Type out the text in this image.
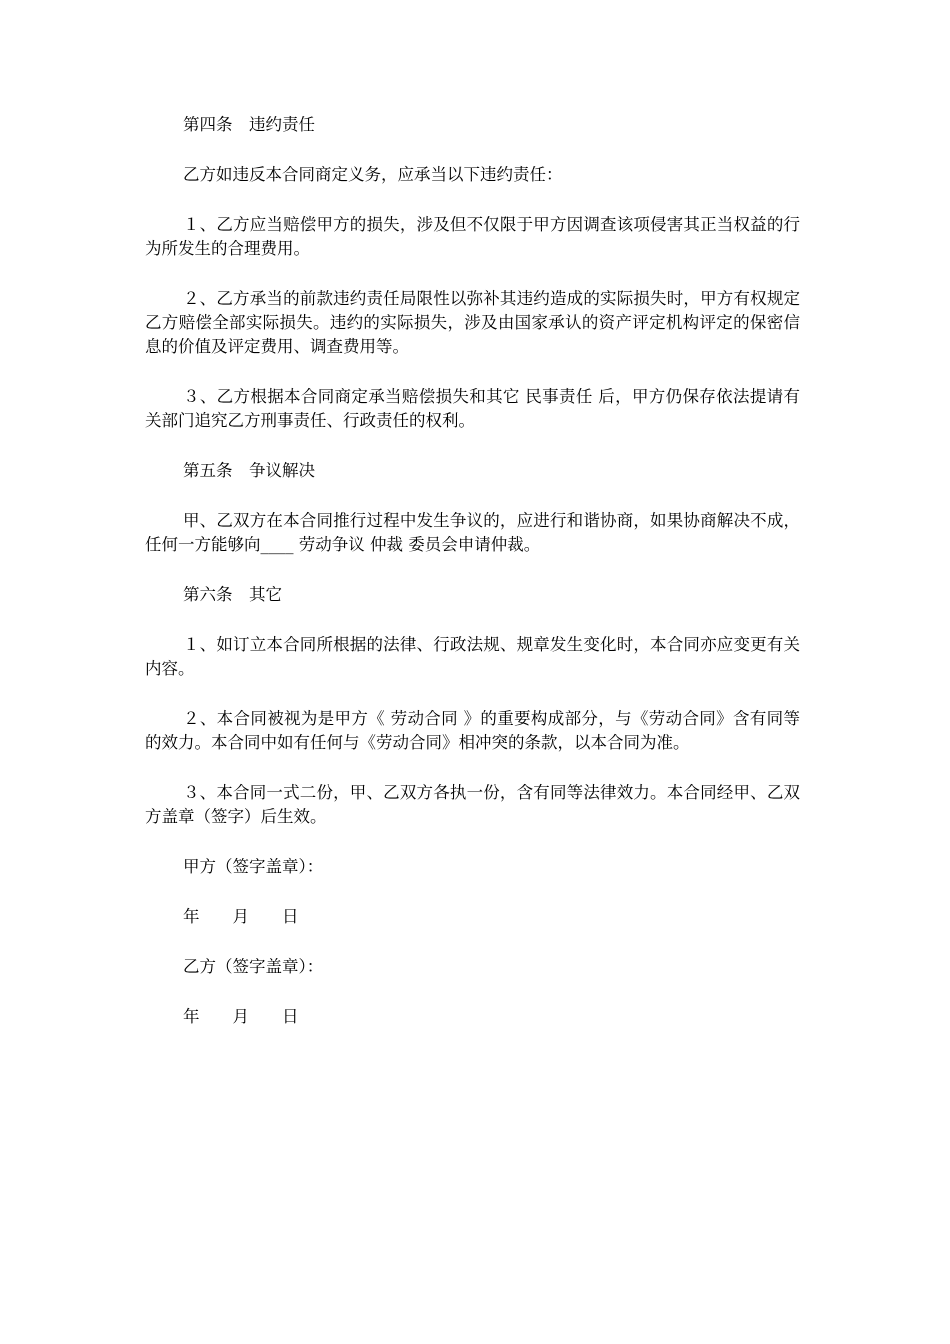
第四条　违约责任

乙方如违反本合同商定义务，应承当以下违约责任：

１、乙方应当赔偿甲方的损失，涉及但不仅限于甲方因调查该项侵害其正当权益的行为所发生的合理费用。

２、乙方承当的前款违约责任局限性以弥补其违约造成的实际损失时，甲方有权规定乙方赔偿全部实际损失。违约的实际损失，涉及由国家承认的资产评定机构评定的保密信息的价值及评定费用、调查费用等。

３、乙方根据本合同商定承当赔偿损失和其它 民事责任 后，甲方仍保存依法提请有关部门追究乙方刑事责任、行政责任的权利。

第五条　争议解决

甲、乙双方在本合同推行过程中发生争议的，应进行和谐协商，如果协商解决不成，任何一方能够向____ 劳动争议 仲裁 委员会申请仲裁。

第六条　其它

１、如订立本合同所根据的法律、行政法规、规章发生变化时，本合同亦应变更有关内容。

２、本合同被视为是甲方《 劳动合同 》的重要构成部分，与《劳动合同》含有同等的效力。本合同中如有任何与《劳动合同》相冲突的条款，以本合同为准。

３、本合同一式二份，甲、乙双方各执一份，含有同等法律效力。本合同经甲、乙双方盖章（签字）后生效。

甲方（签字盖章）：

年　　月　　日

乙方（签字盖章）：

年　　月　　日
